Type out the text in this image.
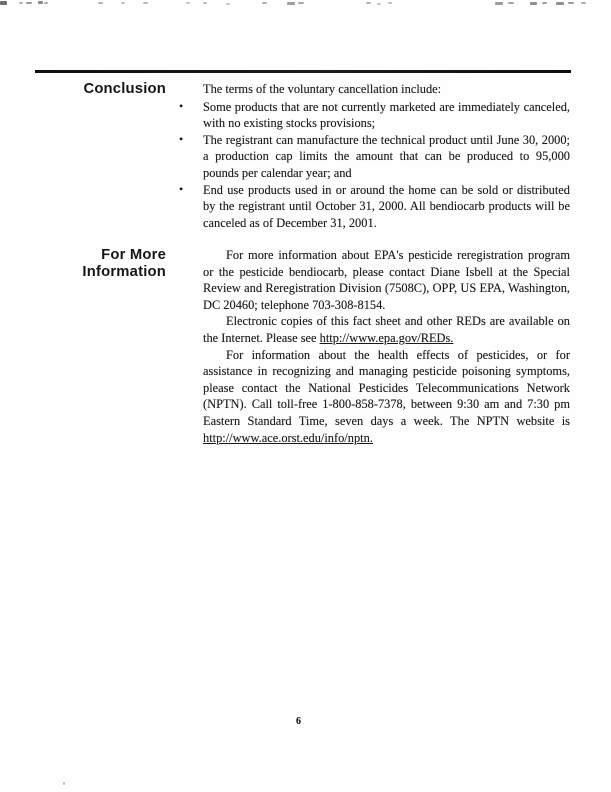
Conclusion	The terms of the voluntary cancellation include:

• Some products that are not currently marketed are immediately canceled, with no existing stocks provisions;

• The registrant can manufacture the technical product until June 30, 2000; a production cap limits the amount that can be produced to 95,000 pounds per calendar year; and

• End use products used in or around the home can be sold or distributed by the registrant until October 31, 2000. All bendiocarb products will be canceled as of December 31, 2001.

For More
Information

For more information about EPA's pesticide reregistration program or the pesticide bendiocarb, please contact Diane Isbell at the Special Review and Reregistration Division (7508C), OPP, US EPA, Washington, DC 20460; telephone 703-308-8154.

Electronic copies of this fact sheet and other REDs are available on the Internet. Please see http://www.epa.gov/REDs.

For information about the health effects of pesticides, or for assistance in recognizing and managing pesticide poisoning symptoms, please contact the National Pesticides Telecommunications Network (NPTN). Call toll-free 1-800-858-7378, between 9:30 am and 7:30 pm Eastern Standard Time, seven days a week. The NPTN website is http://www.ace.orst.edu/info/nptn.

6
